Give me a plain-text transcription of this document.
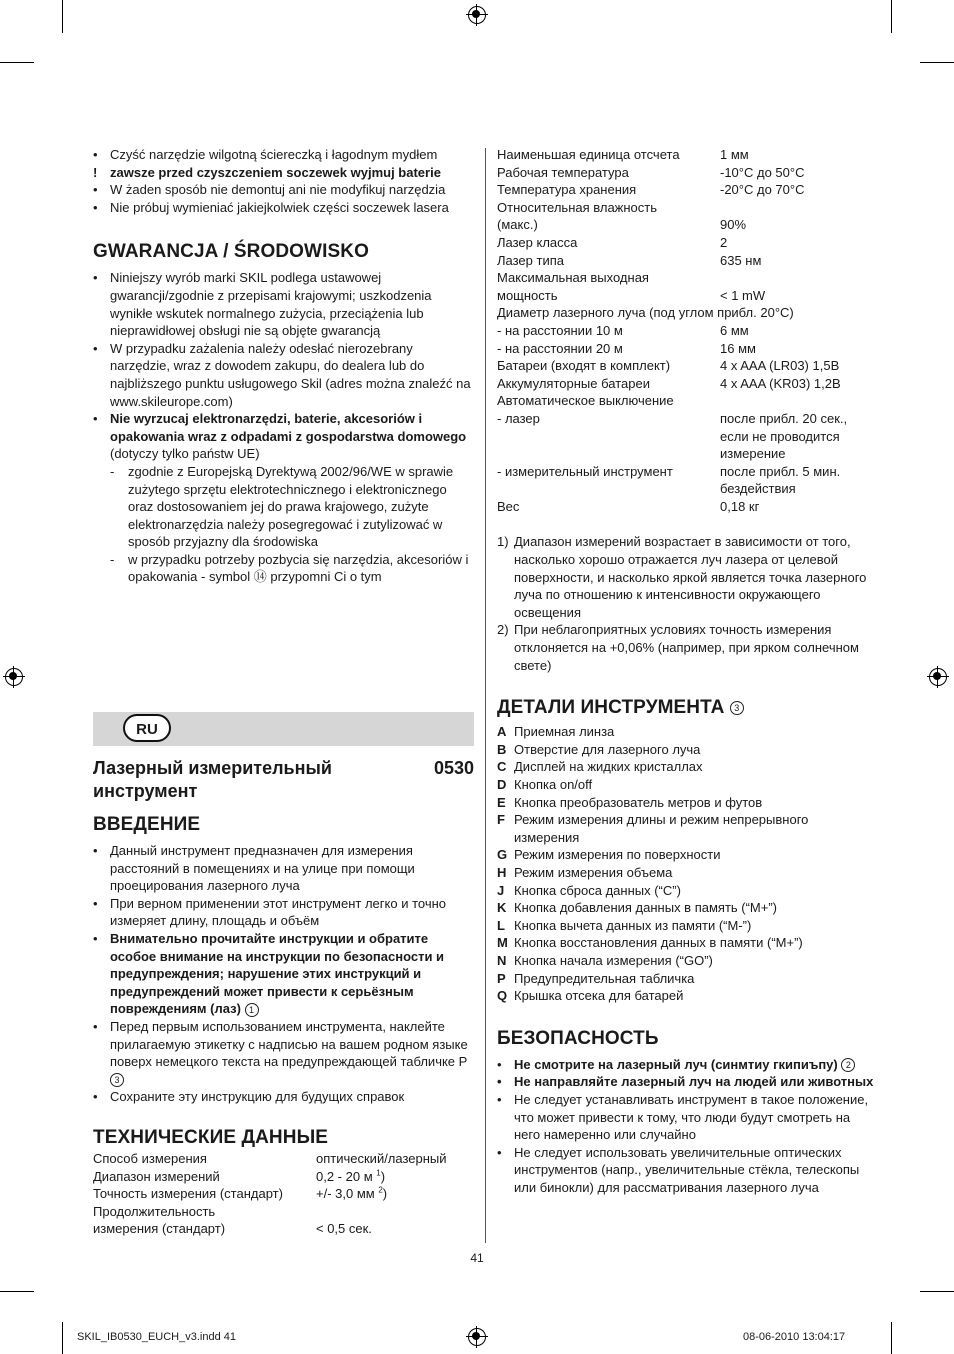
• Czyść narzędzie wilgotną ściereczką i łagodnym mydłem
! zawsze przed czyszczeniem soczewek wyjmuj baterie
• W żaden sposób nie demontuj ani nie modyfikuj narzędzia
• Nie próbuj wymieniać jakiejkolwiek części soczewek lasera
GWARANCJA / ŚRODOWISKO
• Niniejszy wyrób marki SKIL podlega ustawowej gwarancji/zgodnie z przepisami krajowymi; uszkodzenia wynikłe wskutek normalnego zużycia, przeciążenia lub nieprawidłowej obsługi nie są objęte gwarancją
• W przypadku zażalenia należy odesłać nierozebrany narzędzie, wraz z dowodem zakupu, do dealera lub do najbliższego punktu usługowego Skil (adres można znaleźć na www.skileurope.com)
• Nie wyrzucaj elektronarzędzi, baterie, akcesoriów i opakowania wraz z odpadami z gospodarstwa domowego (dotyczy tylko państw UE)
- zgodnie z Europejską Dyrektywą 2002/96/WE w sprawie zużytego sprzętu elektrotechnicznego i elektronicznego oraz dostosowaniem jej do prawa krajowego, zużyte elektronarzędzia należy posegregować i zutylizować w sposób przyjazny dla środowiska
- w przypadku potrzeby pozbycia się narzędzia, akcesoriów i opakowania - symbol ⑭ przypomni Ci o tym
RU
Лазерный измерительный инструмент
0530
ВВЕДЕНИЕ
• Данный инструмент предназначен для измерения расстояний в помещениях и на улице при помощи проецирования лазерного луча
• При верном применении этот инструмент легко и точно измеряет длину, площадь и объём
• Внимательно прочитайте инструкции и обратите особое внимание на инструкции по безопасности и предупреждения; нарушение этих инструкций и предупреждений может привести к серьёзным повреждениям (лаз) 1
• Перед первым использованием инструмента, наклейте прилагаемую этикетку с надписью на вашем родном языке поверх немецкого текста на предупреждающей табличке P 3
• Сохраните эту инструкцию для будущих справок
ТЕХНИЧЕСКИЕ ДАННЫЕ
Способ измерения	оптический/лазерный
Диапазон измерений	0,2 - 20 м $^1$)
Точность измерения (стандарт)	+/- 3,0 мм $^2$)
Продолжительность	
измерения (стандарт)	< 0,5 сек.
Наименьшая единица отсчета	1 мм
Рабочая температура	-10°C до 50°C
Температура хранения	-20°C до 70°C
Относительная влажность	
(макс.)	90%
Лазер класса	2
Лазер типа	635 нм
Максимальная выходная	
мощность	< 1 mW
Диаметр лазерного луча (под углом прибл. 20°C)	
- на расстоянии 10 м	6 мм
- на расстоянии 20 м	16 мм
Батареи (входят в комплект)	4 x AAA (LR03) 1,5B
Аккумуляторные батареи	4 x AAA (KR03) 1,2B
Автоматическое выключение	
- лазер	после прибл. 20 сек., если не проводится измерение
- измерительный инструмент	после прибл. 5 мин. бездействия
Вес	0,18 кг
1) Диапазон измерений возрастает в зависимости от того, насколько хорошо отражается луч лазера от целевой поверхности, и насколько яркой является точка лазерного луча по отношению к интенсивности окружающего освещения
2) При неблагоприятных условиях точность измерения отклоняется на +0,06% (например, при ярком солнечном свете)
ДЕТАЛИ ИНСТРУМЕНТА 3
A Приемная линза
B Отверстие для лазерного луча
C Дисплей на жидких кристаллах
D Кнопка on/off
E Кнопка преобразователь метров и футов
F Режим измерения длины и режим непрерывного измерения
G Режим измерения по поверхности
H Режим измерения объема
J Кнопка сброса данных (“C”)
K Кнопка добавления данных в память (“M+”)
L Кнопка вычета данных из памяти (“M-”)
M Кнопка восстановления данных в памяти (“M+”)
N Кнопка начала измерения (“GO”)
P Предупредительная табличка
Q Крышка отсека для батарей
БЕЗОПАСНОСТЬ
• Не смотрите на лазерный луч (синмтиу гкипиъпу) 2
• Не направляйте лазерный луч на людей или животных
• Не следует устанавливать инструмент в такое положение, что может привести к тому, что люди будут смотреть на него намеренно или случайно
• Не следует использовать увеличительные оптических инструментов (напр., увеличительные стёкла, телескопы или бинокли) для рассматривания лазерного луча
41
SKIL_IB0530_EUCH_v3.indd 41	08-06-2010 13:04:17
